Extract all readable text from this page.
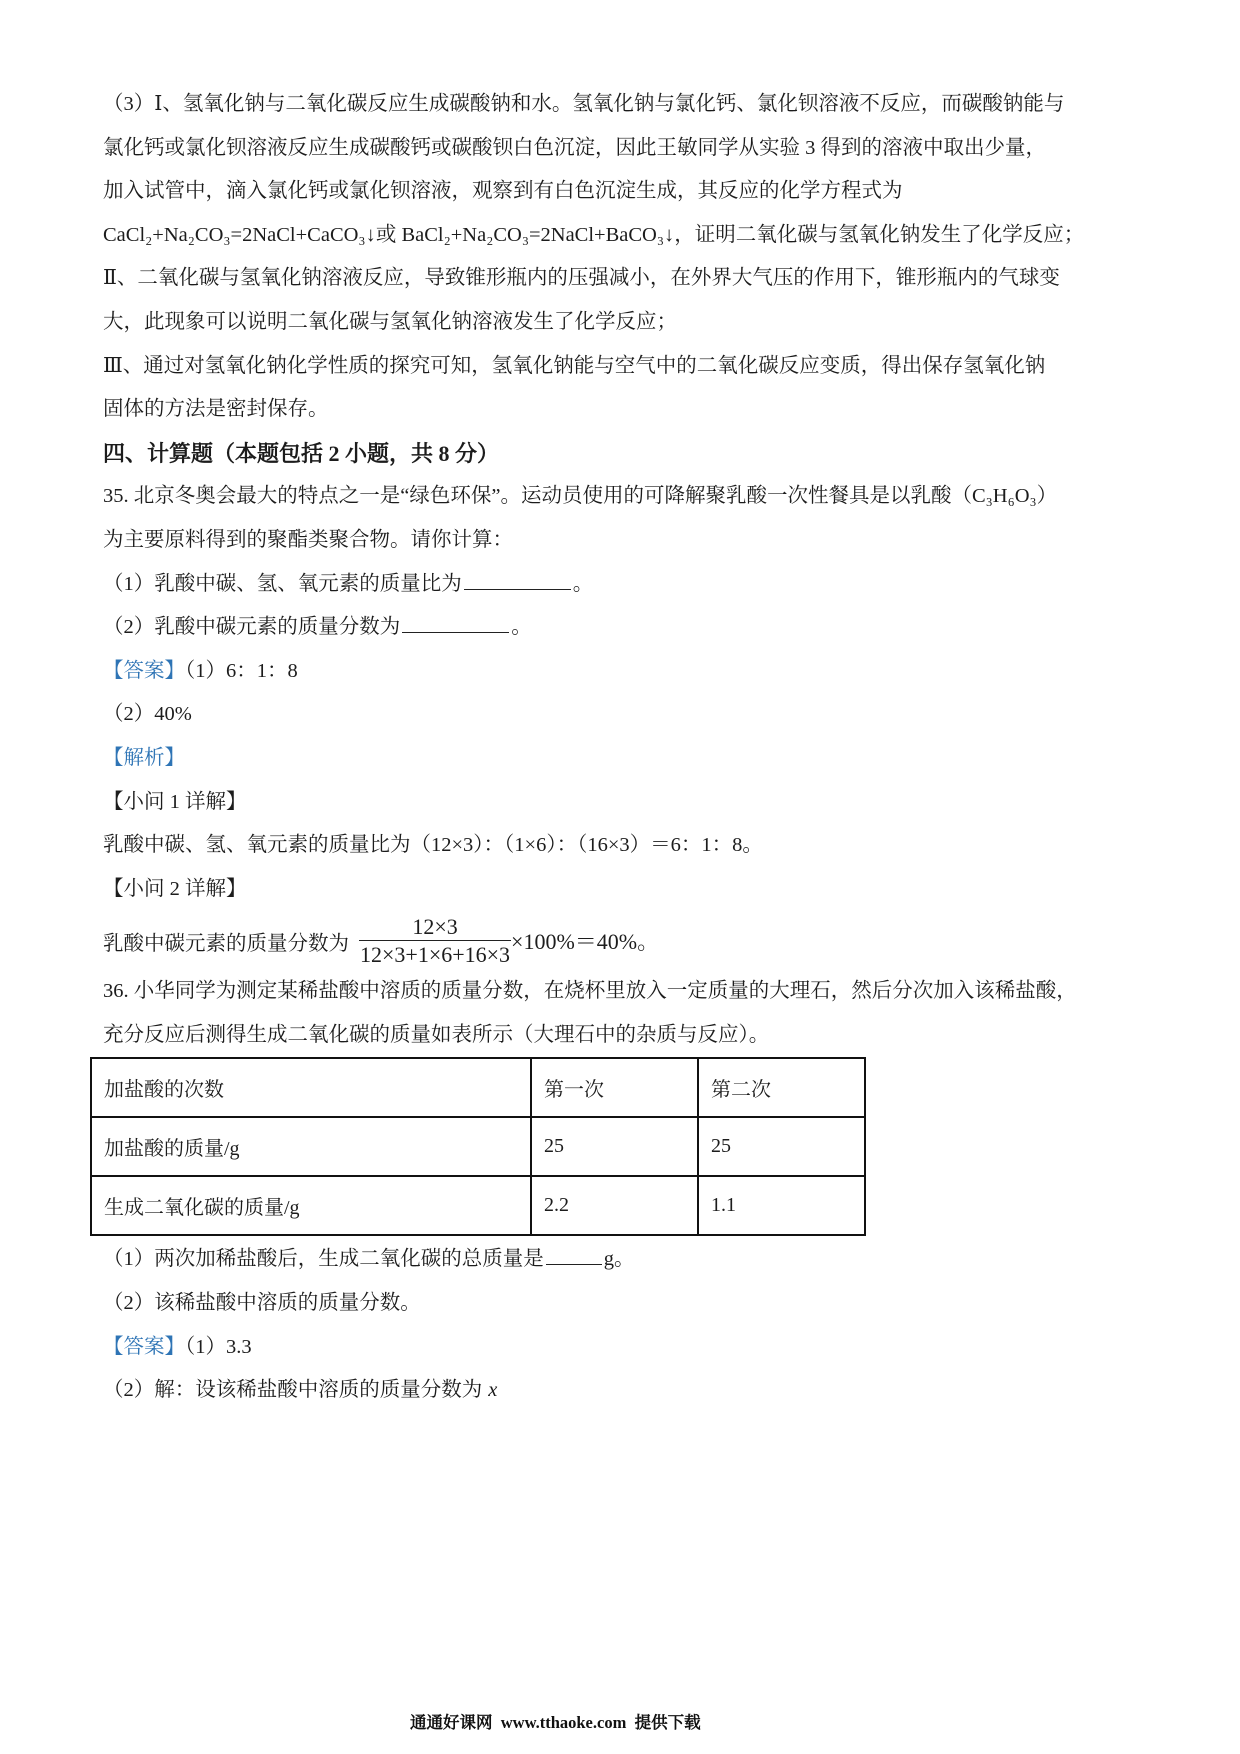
（3）Ⅰ、氢氧化钠与二氧化碳反应生成碳酸钠和水。氢氧化钠与氯化钙、氯化钡溶液不反应，而碳酸钠能与
氯化钙或氯化钡溶液反应生成碳酸钙或碳酸钡白色沉淀，因此王敏同学从实验 3 得到的溶液中取出少量，
加入试管中，滴入氯化钙或氯化钡溶液，观察到有白色沉淀生成，其反应的化学方程式为
CaCl₂+Na₂CO₃=2NaCl+CaCO₃↓或 BaCl₂+Na₂CO₃=2NaCl+BaCO₃↓，证明二氧化碳与氢氧化钠发生了化学反应；
Ⅱ、二氧化碳与氢氧化钠溶液反应，导致锥形瓶内的压强减小，在外界大气压的作用下，锥形瓶内的气球变
大，此现象可以说明二氧化碳与氢氧化钠溶液发生了化学反应；
Ⅲ、通过对氢氧化钠化学性质的探究可知，氢氧化钠能与空气中的二氧化碳反应变质，得出保存氢氧化钠
固体的方法是密封保存。
四、计算题（本题包括 2 小题，共 8 分）
35. 北京冬奥会最大的特点之一是“绿色环保”。运动员使用的可降解聚乳酸一次性餐具是以乳酸（C₃H₆O₃）
为主要原料得到的聚酯类聚合物。请你计算：
（1）乳酸中碳、氢、氧元素的质量比为	。
（2）乳酸中碳元素的质量分数为	。
【答案】（1）6：1：8
（2）40%
【解析】
【小问 1 详解】
乳酸中碳、氢、氧元素的质量比为（12×3）：（1×6）：（16×3）＝6：1：8。
【小问 2 详解】
乳酸中碳元素的质量分数为 $\frac{12\times 3}{12\times 3+1\times 6+16\times 3} \times 100\%=40\%$。
36. 小华同学为测定某稀盐酸中溶质的质量分数，在烧杯里放入一定质量的大理石，然后分次加入该稀盐酸，
充分反应后测得生成二氧化碳的质量如表所示（大理石中的杂质与反应）。
加盐酸的次数	第一次	第二次
加盐酸的质量/g	25	25
生成二氧化碳的质量/g	2.2	1.1
（1）两次加稀盐酸后，生成二氧化碳的总质量是	g。
（2）该稀盐酸中溶质的质量分数。
【答案】（1）3.3
（2）解：设该稀盐酸中溶质的质量分数为 x
通通好课网  www.tthaoke.com  提供下载
